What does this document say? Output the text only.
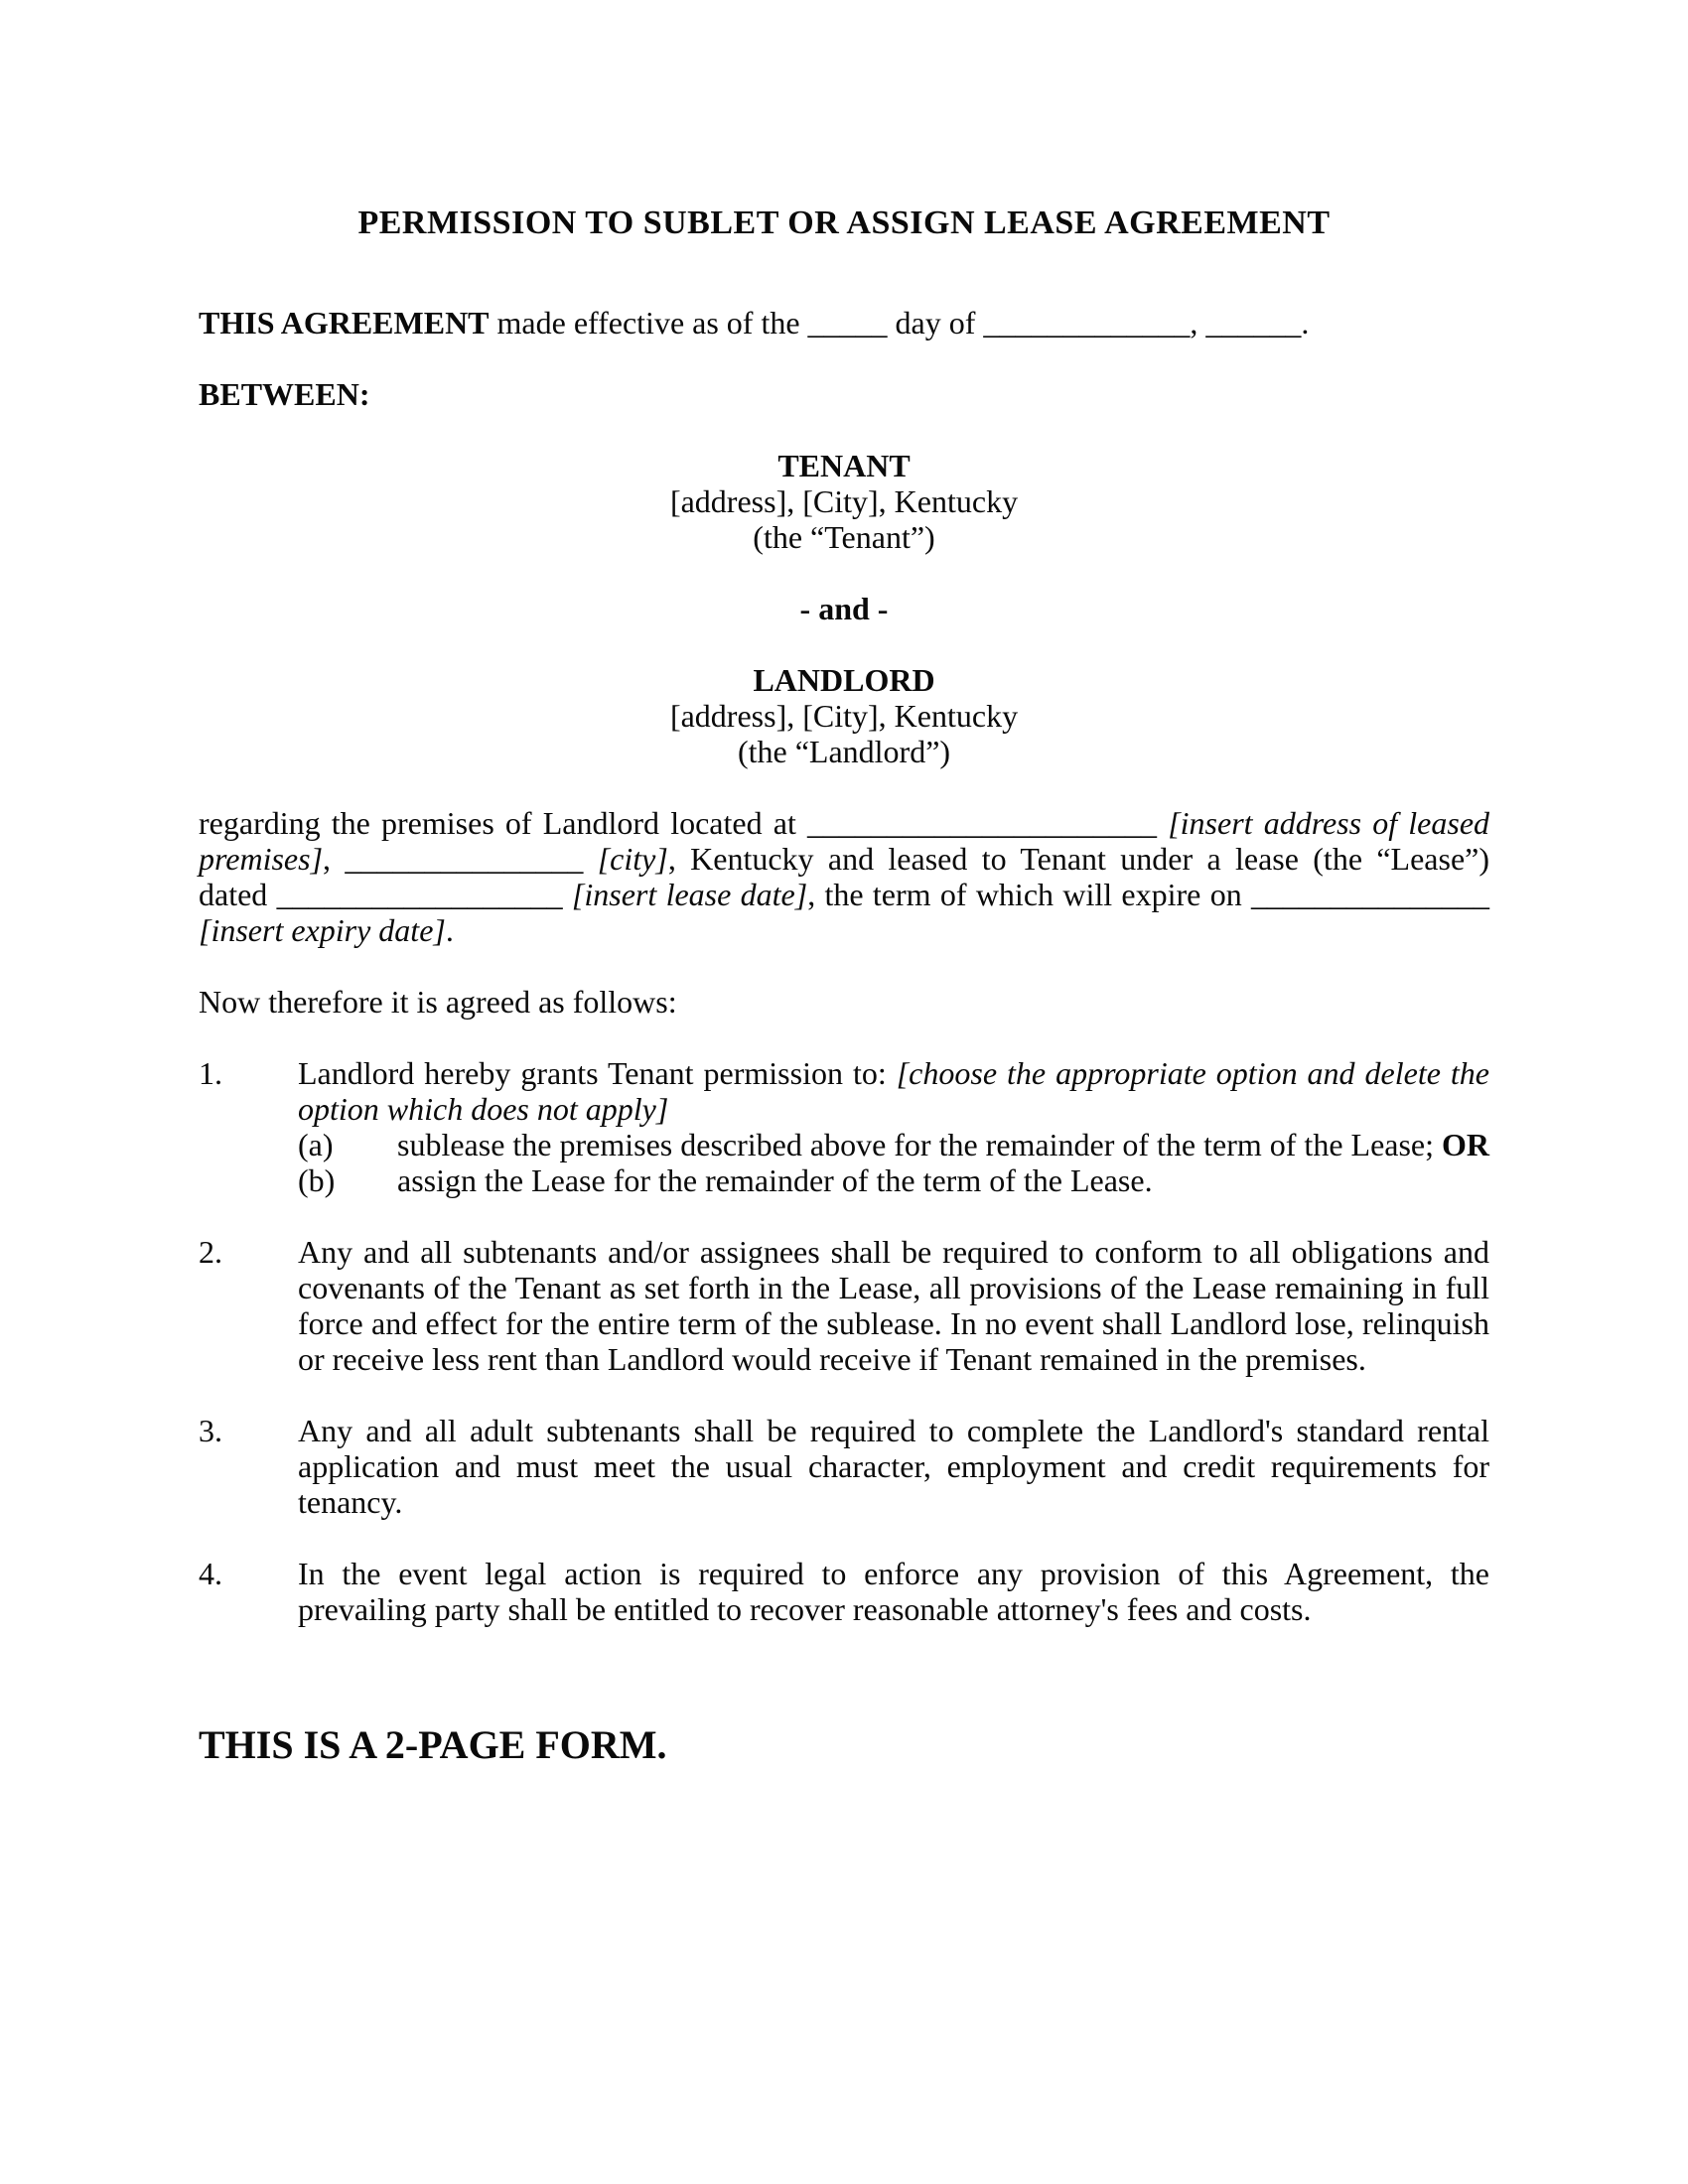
PERMISSION TO SUBLET OR ASSIGN LEASE AGREEMENT

THIS AGREEMENT made effective as of the _____ day of _____________, ______.

BETWEEN:

TENANT

[address], [City], Kentucky

(the “Tenant”)

- and -

LANDLORD

[address], [City], Kentucky

(the “Landlord”)

regarding the premises of Landlord located at ______________________ [insert address of leased premises], _______________ [city], Kentucky and leased to Tenant under a lease (the “Lease”) dated __________________ [insert lease date], the term of which will expire on _______________ [insert expiry date].

Now therefore it is agreed as follows:

1.	Landlord hereby grants Tenant permission to: [choose the appropriate option and delete the option which does not apply]

(a)	sublease the premises described above for the remainder of the term of the Lease; OR
(b)	assign the Lease for the remainder of the term of the Lease.
2.	Any and all subtenants and/or assignees shall be required to conform to all obligations and covenants of the Tenant as set forth in the Lease, all provisions of the Lease remaining in full force and effect for the entire term of the sublease. In no event shall Landlord lose, relinquish or receive less rent than Landlord would receive if Tenant remained in the premises.
3.	Any and all adult subtenants shall be required to complete the Landlord's standard rental application and must meet the usual character, employment and credit requirements for tenancy.
4.	In the event legal action is required to enforce any provision of this Agreement, the prevailing party shall be entitled to recover reasonable attorney's fees and costs.

THIS IS A 2-PAGE FORM.
